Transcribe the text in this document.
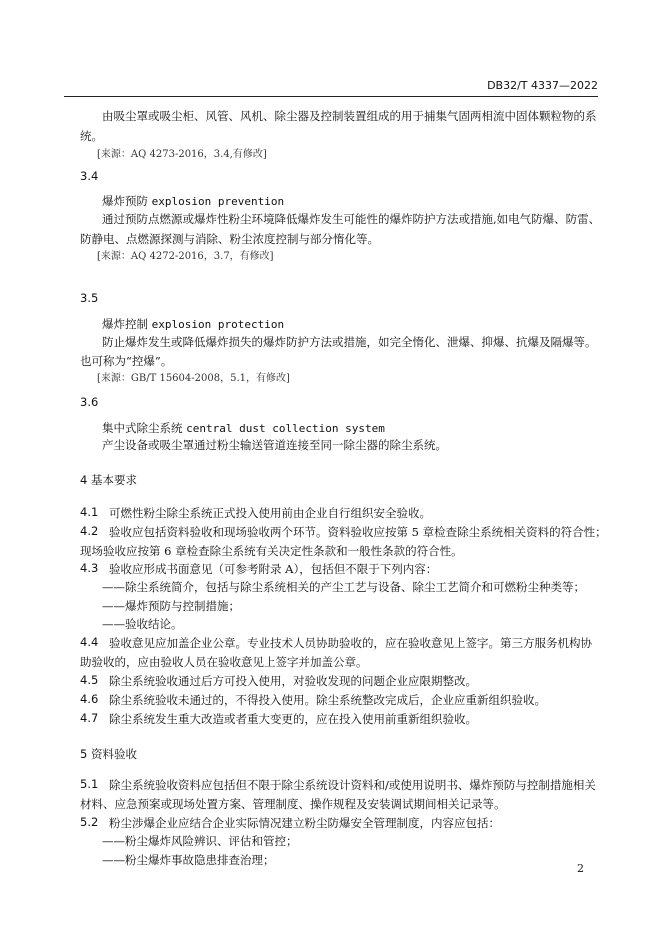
DB32/T 4337—2022
由吸尘罩或吸尘柜、风管、风机、除尘器及控制装置组成的用于捕集气固两相流中固体颗粒物的系
统。
[来源：AQ 4273-2016，3.4,有修改]
3.4
爆炸预防 explosion prevention
通过预防点燃源或爆炸性粉尘环境降低爆炸发生可能性的爆炸防护方法或措施,如电气防爆、防雷、
防静电、点燃源探测与消除、粉尘浓度控制与部分惰化等。
[来源：AQ 4272-2016，3.7，有修改]
3.5
爆炸控制 explosion protection
防止爆炸发生或降低爆炸损失的爆炸防护方法或措施，如完全惰化、泄爆、抑爆、抗爆及隔爆等。
也可称为“控爆”。
[来源：GB/T 15604-2008，5.1，有修改]
3.6
集中式除尘系统 central dust collection system
产尘设备或吸尘罩通过粉尘输送管道连接至同一除尘器的除尘系统。
4 基本要求
4.1 可燃性粉尘除尘系统正式投入使用前由企业自行组织安全验收。
4.2 验收应包括资料验收和现场验收两个环节。资料验收应按第 5 章检查除尘系统相关资料的符合性；
现场验收应按第 6 章检查除尘系统有关决定性条款和一般性条款的符合性。
4.3 验收应形成书面意见（可参考附录 A），包括但不限于下列内容：
——除尘系统简介，包括与除尘系统相关的产尘工艺与设备、除尘工艺简介和可燃粉尘种类等；
——爆炸预防与控制措施；
——验收结论。
4.4 验收意见应加盖企业公章。专业技术人员协助验收的，应在验收意见上签字。第三方服务机构协
助验收的，应由验收人员在验收意见上签字并加盖公章。
4.5 除尘系统验收通过后方可投入使用，对验收发现的问题企业应限期整改。
4.6 除尘系统验收未通过的，不得投入使用。除尘系统整改完成后，企业应重新组织验收。
4.7 除尘系统发生重大改造或者重大变更的，应在投入使用前重新组织验收。
5 资料验收
5.1 除尘系统验收资料应包括但不限于除尘系统设计资料和/或使用说明书、爆炸预防与控制措施相关
材料、应急预案或现场处置方案、管理制度、操作规程及安装调试期间相关记录等。
5.2 粉尘涉爆企业应结合企业实际情况建立粉尘防爆安全管理制度，内容应包括：
——粉尘爆炸风险辨识、评估和管控；
——粉尘爆炸事故隐患排查治理；
2
